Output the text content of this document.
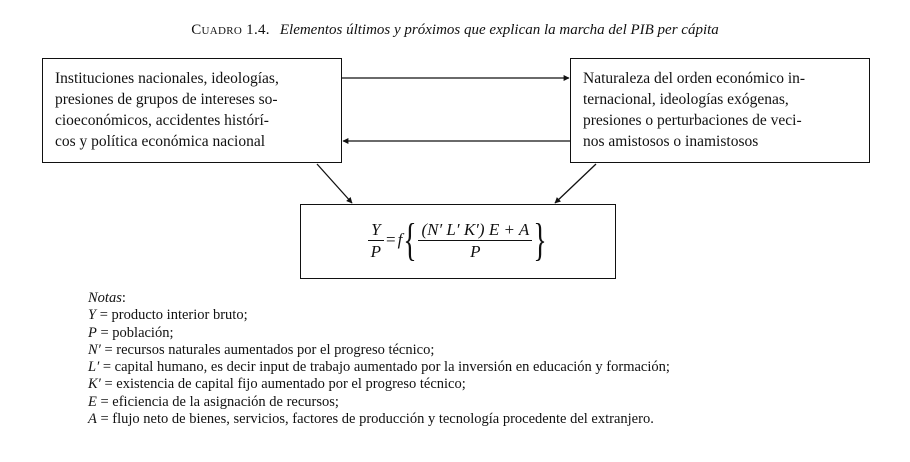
Cuadro 1.4. Elementos últimos y próximos que explican la marcha del PIB per cápita

Instituciones nacionales, ideologías,

presiones de grupos de intereses so-

cioeconómicos, accidentes histórí-

cos y política económica nacional

Naturaleza del orden económico in-

ternacional, ideologías exógenas,

presiones o perturbaciones de veci-

nos amistosos o inamistosos

$\frac{Y}{P} = f$ { $\frac{(N' L' K') E + A}{P}$ }
Notas:
Y = producto interior bruto;
P = población;
N′ = recursos naturales aumentados por el progreso técnico;
L′ = capital humano, es decir input de trabajo aumentado por la inversión en educación y formación;
K′ = existencia de capital fijo aumentado por el progreso técnico;
E = eficiencia de la asignación de recursos;
A = flujo neto de bienes, servicios, factores de producción y tecnología procedente del extranjero.
